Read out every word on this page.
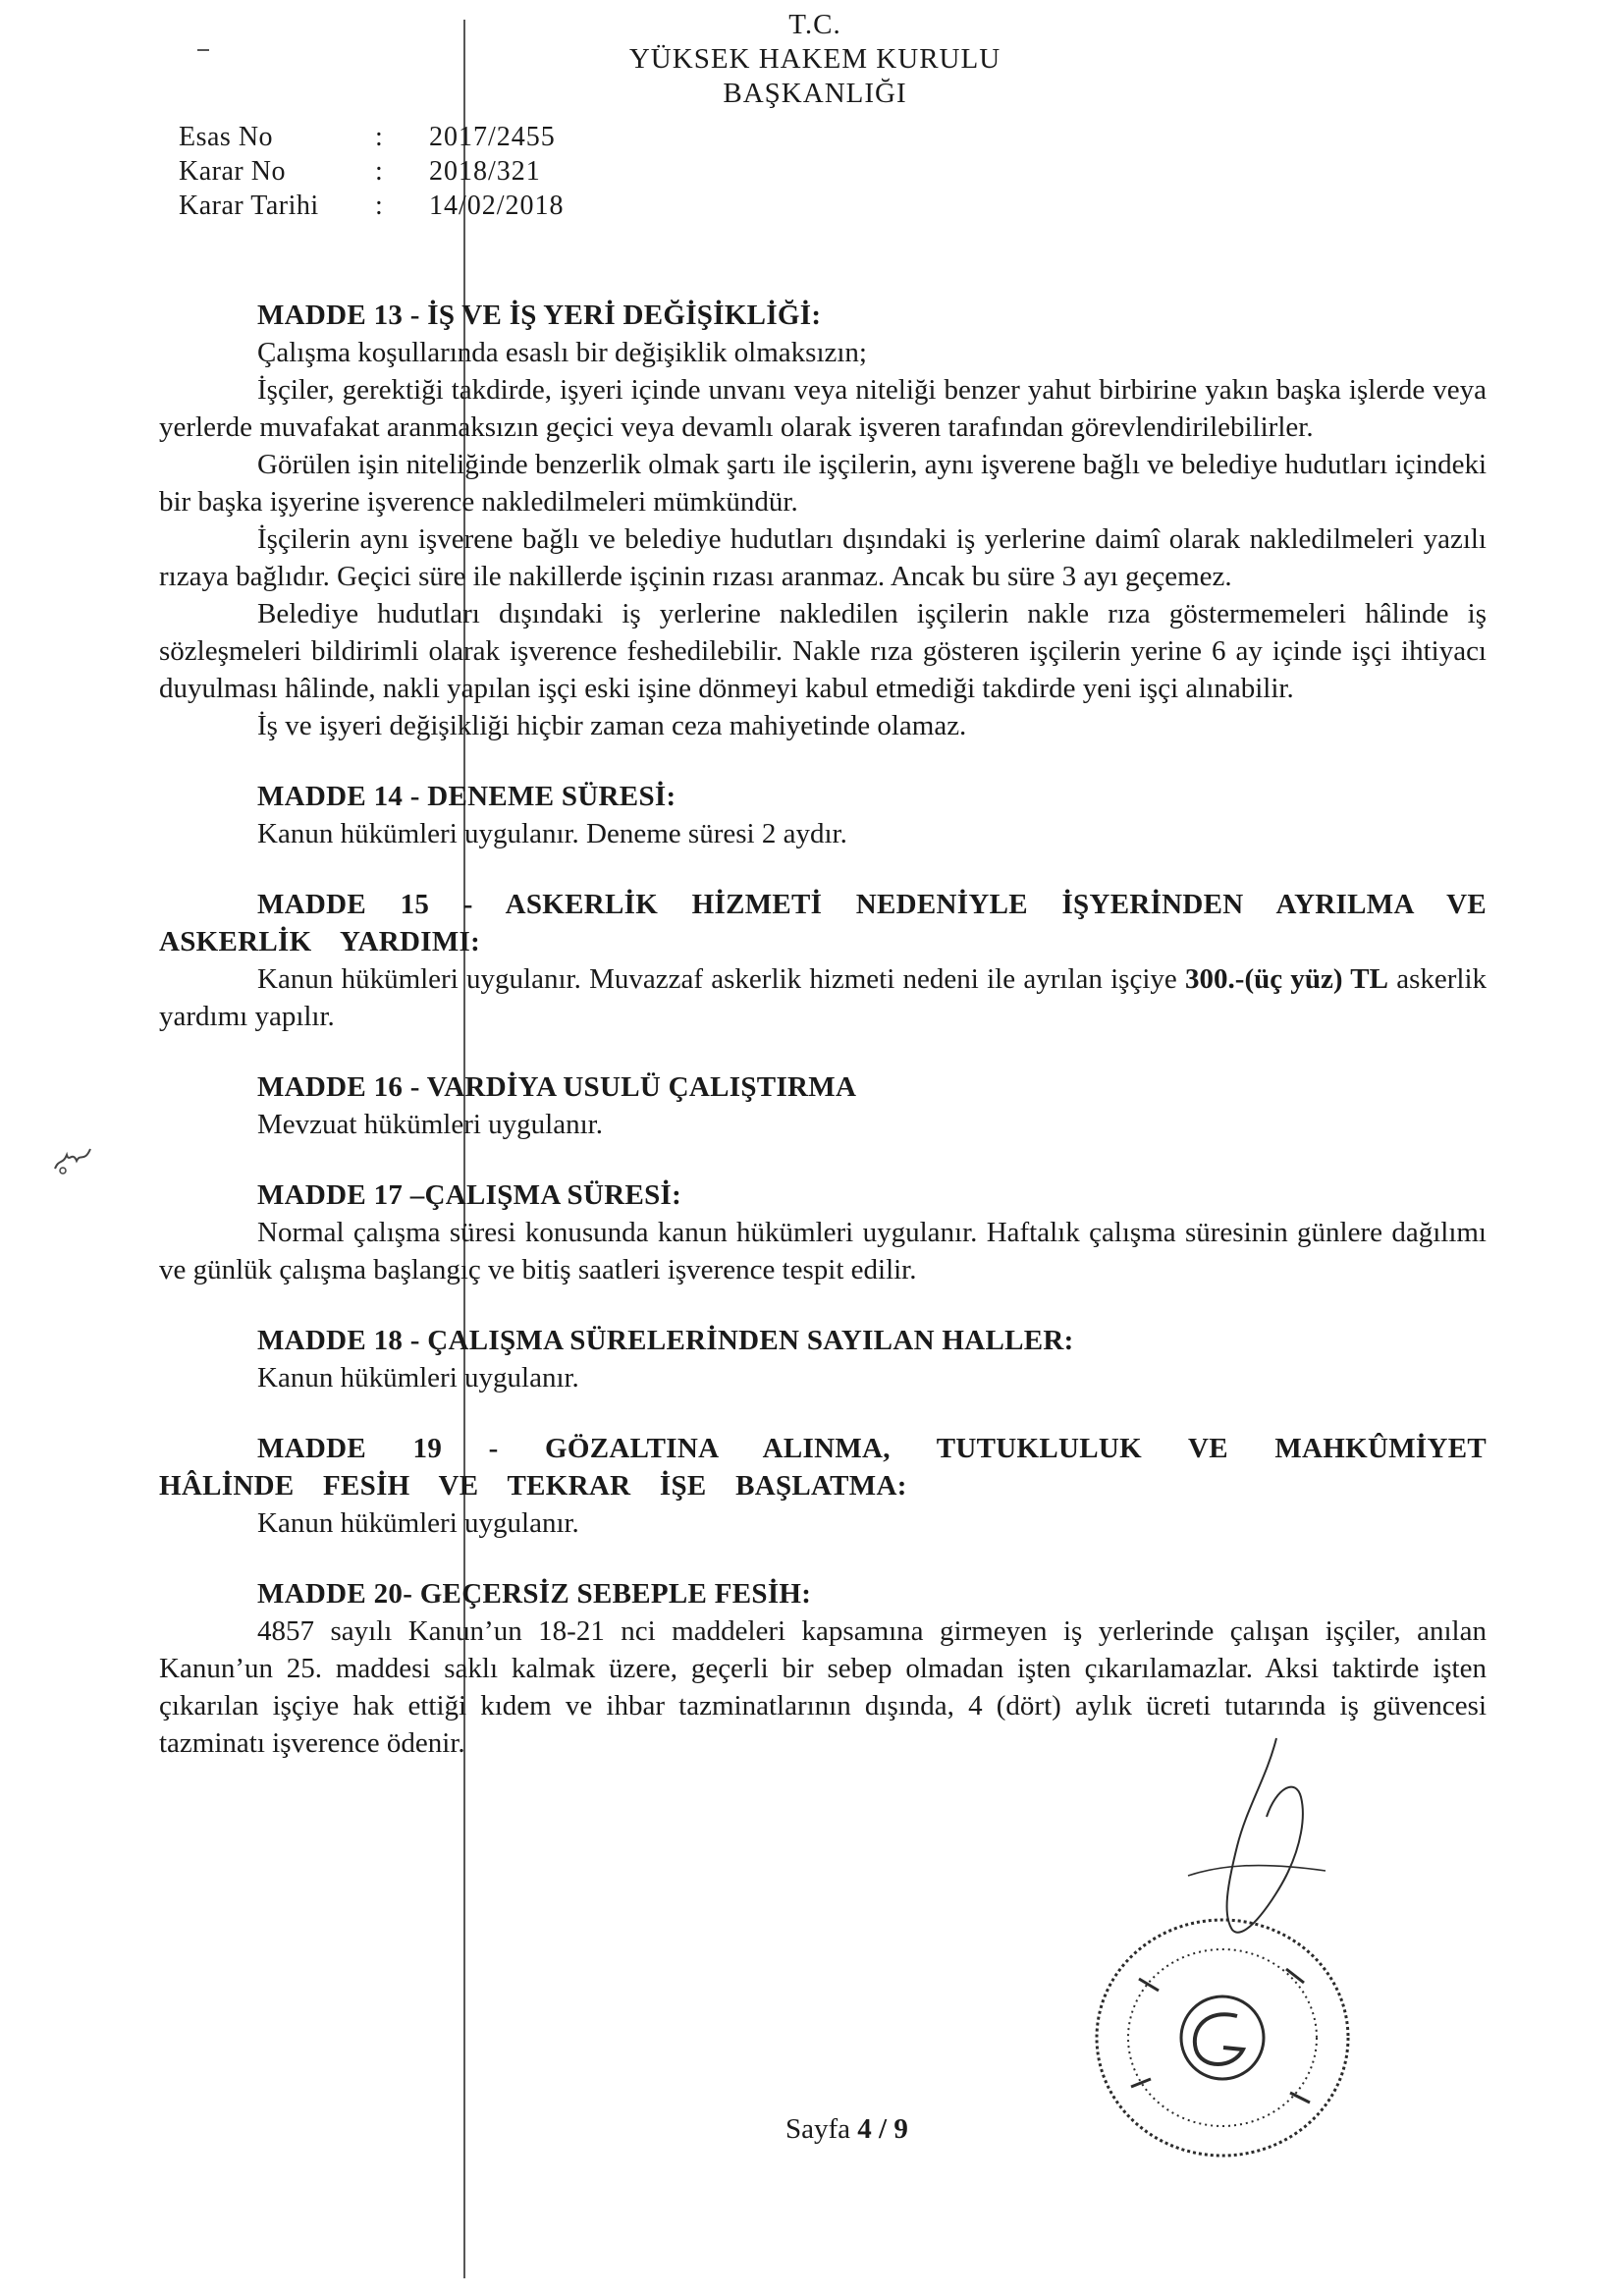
T.C.
YÜKSEK HAKEM KURULU
BAŞKANLIĞI
Esas No	:	2017/2455
Karar No	:	2018/321
Karar Tarihi	:	14/02/2018
MADDE 13 - İŞ VE İŞ YERİ DEĞİŞİKLİĞİ:

Çalışma koşullarında esaslı bir değişiklik olmaksızın;

İşçiler, gerektiği takdirde, işyeri içinde unvanı veya niteliği benzer yahut birbirine yakın başka işlerde veya yerlerde muvafakat aranmaksızın geçici veya devamlı olarak işveren tarafından görevlendirilebilirler.

Görülen işin niteliğinde benzerlik olmak şartı ile işçilerin, aynı işverene bağlı ve belediye hudutları içindeki bir başka işyerine işverence nakledilmeleri mümkündür.

İşçilerin aynı işverene bağlı ve belediye hudutları dışındaki iş yerlerine daimî olarak nakledilmeleri yazılı rızaya bağlıdır. Geçici süre ile nakillerde işçinin rızası aranmaz. Ancak bu süre 3 ayı geçemez.

Belediye hudutları dışındaki iş yerlerine nakledilen işçilerin nakle rıza göstermemeleri hâlinde iş sözleşmeleri bildirimli olarak işverence feshedilebilir. Nakle rıza gösteren işçilerin yerine 6 ay içinde işçi ihtiyacı duyulması hâlinde, nakli yapılan işçi eski işine dönmeyi kabul etmediği takdirde yeni işçi alınabilir.

İş ve işyeri değişikliği hiçbir zaman ceza mahiyetinde olamaz.

MADDE 14 - DENEME SÜRESİ:

Kanun hükümleri uygulanır. Deneme süresi 2 aydır.

MADDE 15 - ASKERLİK HİZMETİ NEDENİYLE İŞYERİNDEN AYRILMA VE ASKERLİK YARDIMI:

Kanun hükümleri uygulanır. Muvazzaf askerlik hizmeti nedeni ile ayrılan işçiye 300.-(üç yüz) TL askerlik yardımı yapılır.

MADDE 16 - VARDİYA USULÜ ÇALIŞTIRMA

Mevzuat hükümleri uygulanır.

MADDE 17 –ÇALIŞMA SÜRESİ:

Normal çalışma süresi konusunda kanun hükümleri uygulanır. Haftalık çalışma süresinin günlere dağılımı ve günlük çalışma başlangıç ve bitiş saatleri işverence tespit edilir.

MADDE 18 - ÇALIŞMA SÜRELERİNDEN SAYILAN HALLER:

Kanun hükümleri uygulanır.

MADDE 19 - GÖZALTINA ALINMA, TUTUKLULUK VE MAHKÛMİYET HÂLİNDE FESİH VE TEKRAR İŞE BAŞLATMA:

Kanun hükümleri uygulanır.

MADDE 20- GEÇERSİZ SEBEPLE FESİH:

4857 sayılı Kanun’un 18-21 nci maddeleri kapsamına girmeyen iş yerlerinde çalışan işçiler, anılan Kanun’un 25. maddesi saklı kalmak üzere, geçerli bir sebep olmadan işten çıkarılamazlar. Aksi taktirde işten çıkarılan işçiye hak ettiği kıdem ve ihbar tazminatlarının dışında, 4 (dört) aylık ücreti tutarında iş güvencesi tazminatı işverence ödenir.

Sayfa 4 / 9
